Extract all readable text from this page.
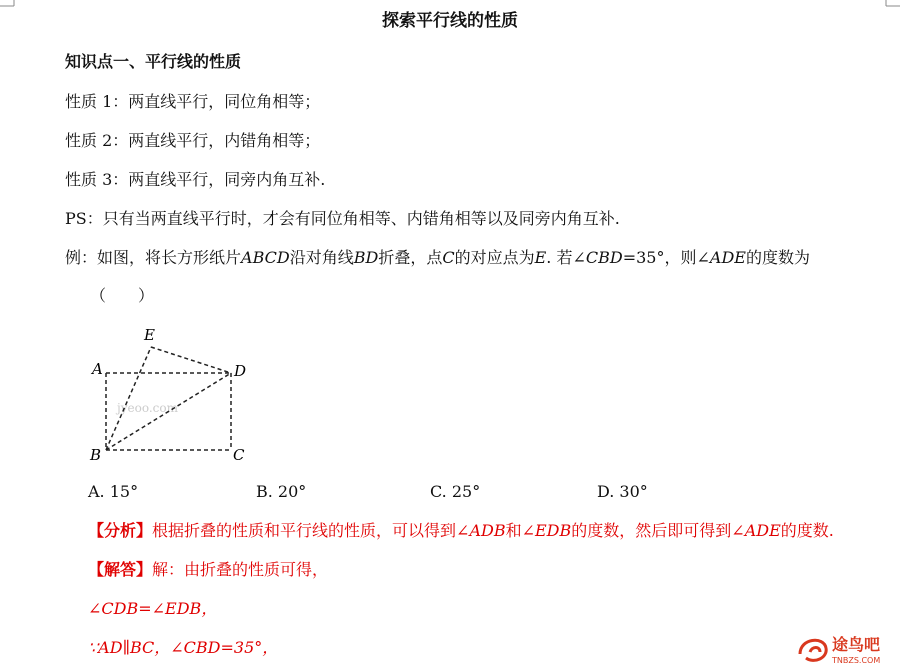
探索平行线的性质
知识点一、平行线的性质
性质 1：两直线平行，同位角相等；
性质 2：两直线平行，内错角相等；
性质 3：两直线平行，同旁内角互补.
PS：只有当两直线平行时，才会有同位角相等、内错角相等以及同旁内角互补.
例：如图，将长方形纸片ABCD沿对角线BD折叠，点C的对应点为E. 若∠CBD=35°，则∠ADE的度数为
（　　）
jyeoo.com
E
A	D
B	C
A. 15°	B. 20°	C. 25°	D. 30°
【分析】根据折叠的性质和平行线的性质，可以得到∠ADB和∠EDB的度数，然后即可得到∠ADE的度数.
【解答】解：由折叠的性质可得，
∠CDB=∠EDB，
∵AD∥BC，∠CBD=35°，	途鸟吧
TNBZS.COM
